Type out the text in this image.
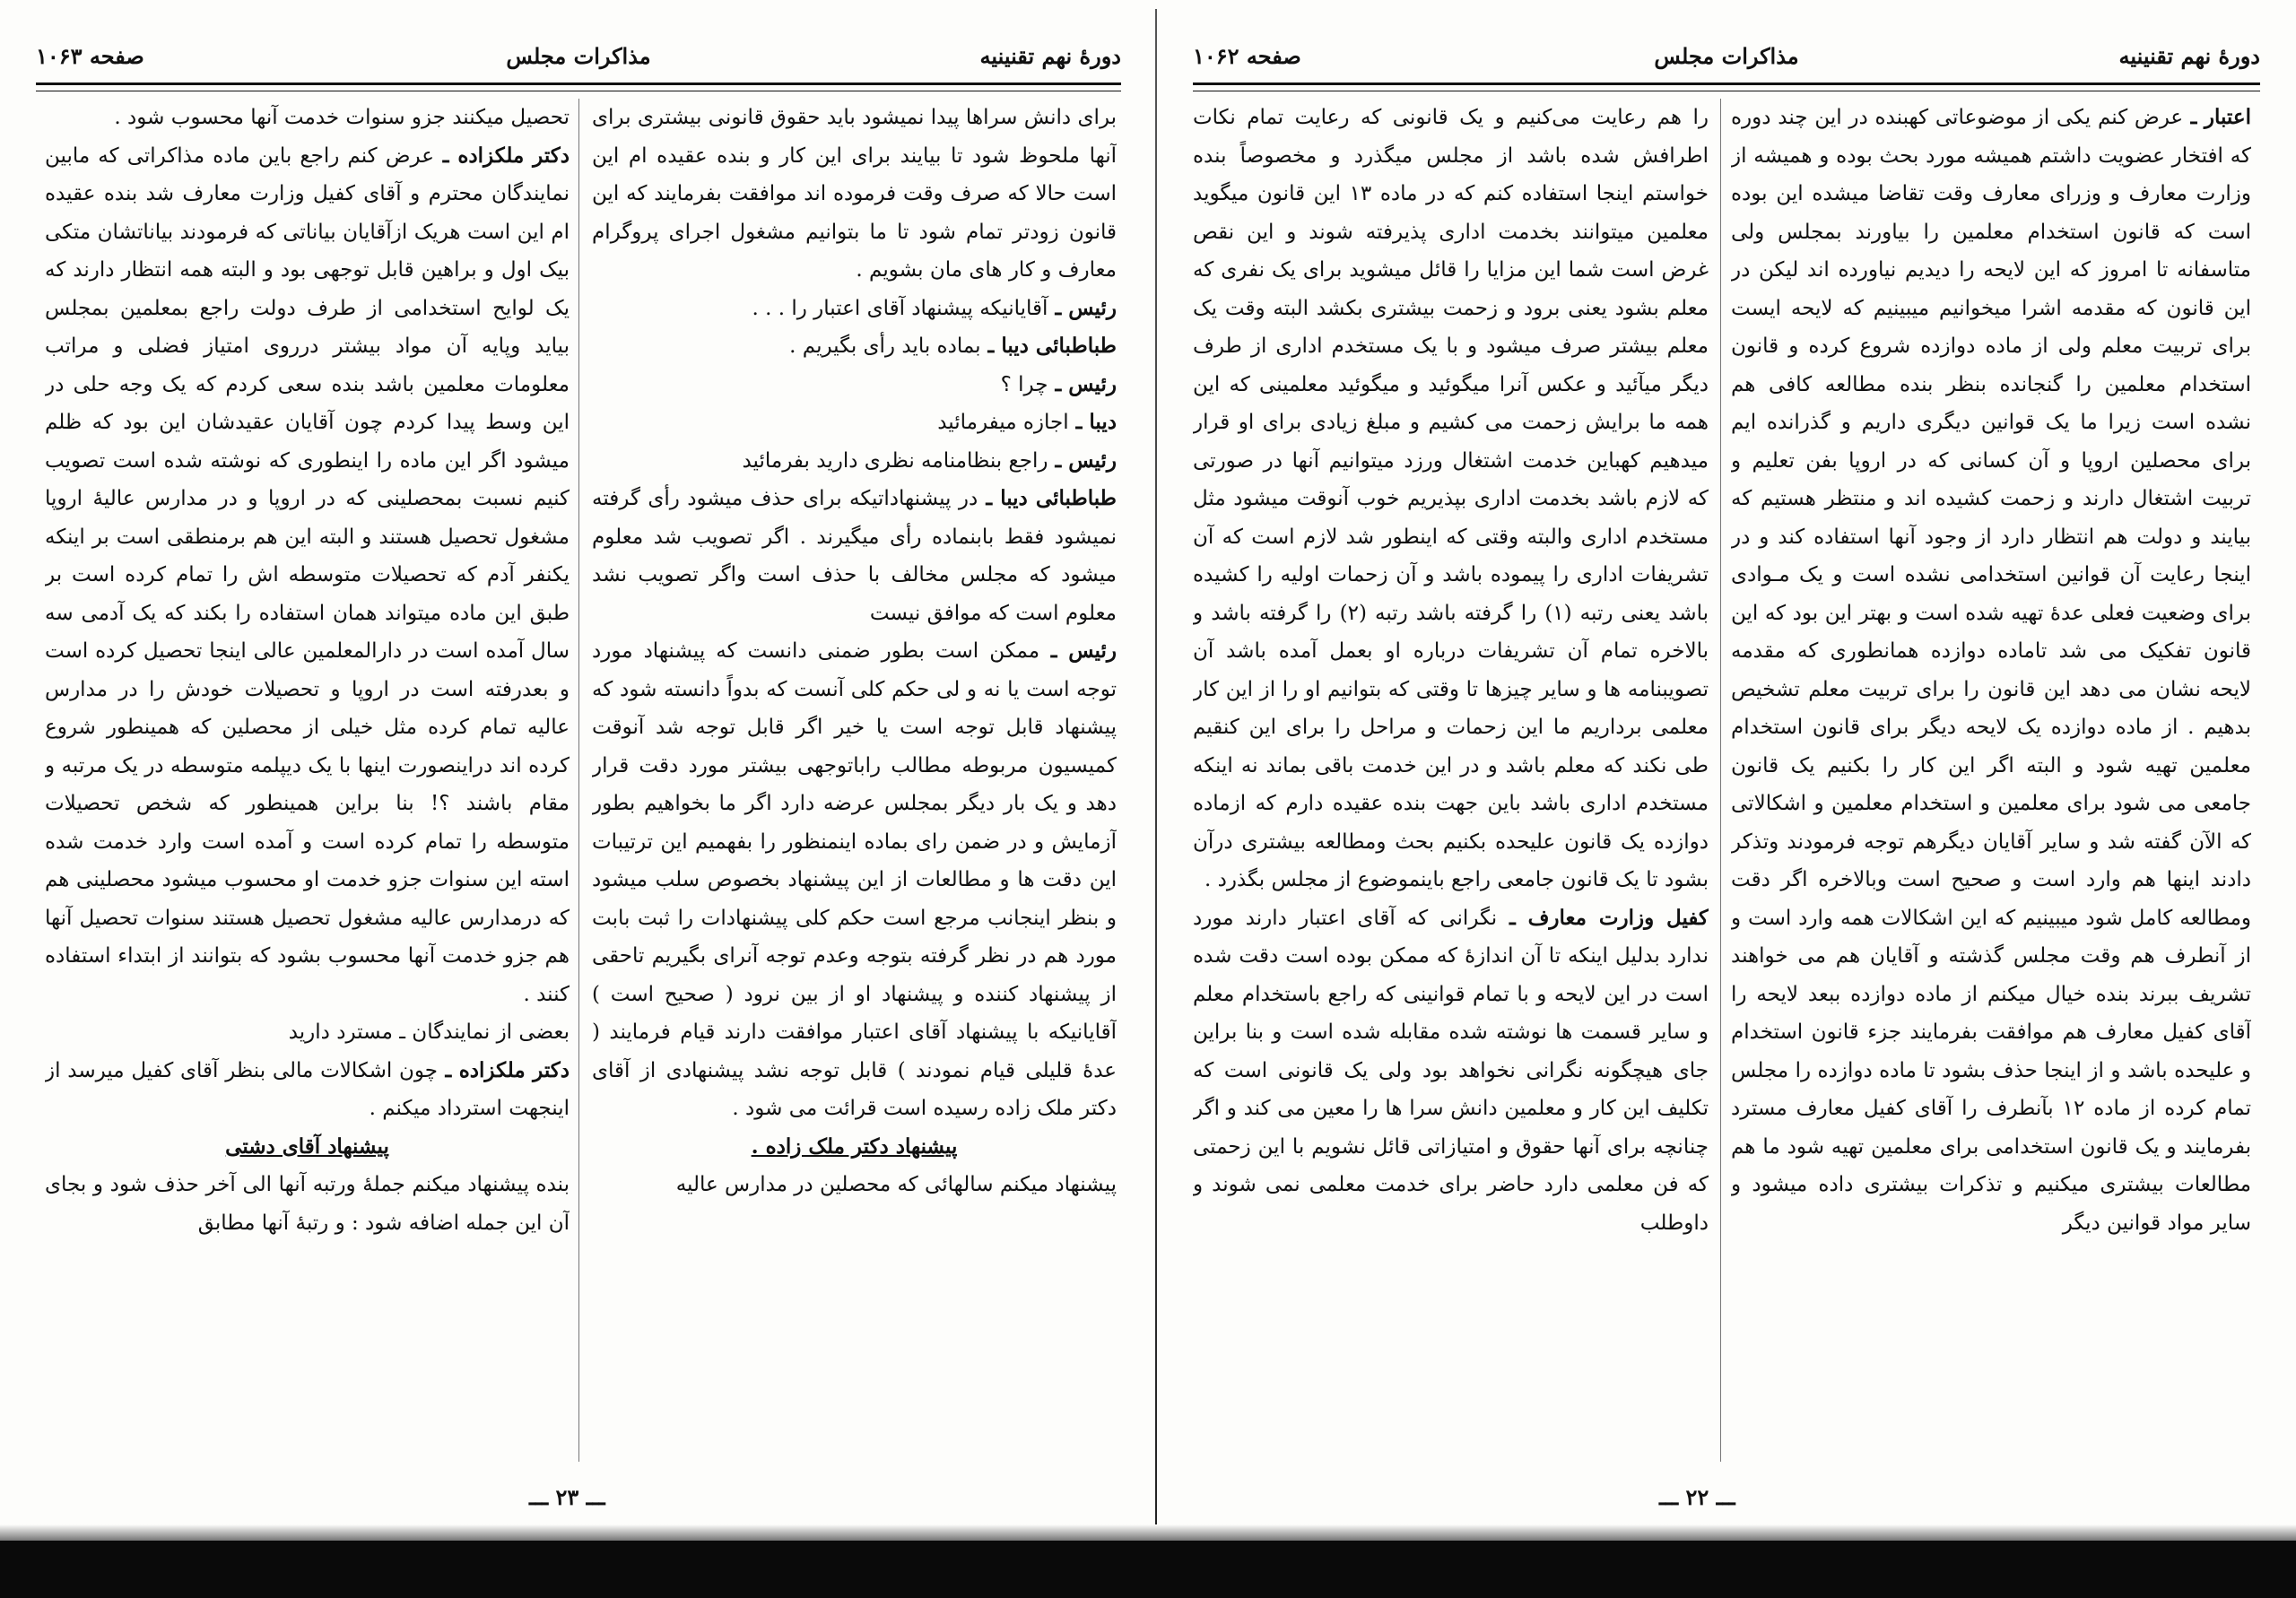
دورهٔ نهم تقنینیه
مذاکرات مجلس
صفحه ۱۰۶۳

برای دانش سراها پیدا نمیشود باید حقوق قانونی بیشتری برای آنها ملحوظ شود تا بیایند برای این کار و بنده عقیده ام این است حالا که صرف وقت فرموده اند موافقت بفرمایند که این قانون زودتر تمام شود تا ما بتوانیم مشغول اجرای پروگرام معارف و کار های مان بشویم .

رئیس ـ آقایانیکه پیشنهاد آقای اعتبار را . . .

طباطبائی دیبا ـ بماده باید رأی بگیریم .

رئیس ـ چرا ؟

دیبا ـ اجازه میفرمائید

رئیس ـ راجع بنظامنامه نظری دارید بفرمائید

طباطبائی دیبا ـ در پیشنهاداتیکه برای حذف میشود رأی گرفته نمیشود فقط بابنماده رأی میگیرند . اگر تصویب شد معلوم میشود که مجلس مخالف با حذف است واگر تصویب نشد معلوم است که موافق نیست

رئیس ـ ممکن است بطور ضمنی دانست که پیشنهاد مورد توجه است یا نه و لی حکم کلی آنست که بدواً دانسته شود که پیشنهاد قابل توجه است یا خیر اگر قابل توجه شد آنوقت کمیسیون مربوطه مطالب راباتوجهی بیشتر مورد دقت قرار دهد و یک بار دیگر بمجلس عرضه دارد اگر ما بخواهیم بطور آزمایش و در ضمن رای بماده اینمنظور را بفهمیم این ترتیبات این دقت ها و مطالعات از این پیشنهاد بخصوص سلب میشود و بنظر اینجانب مرجع است حکم کلی پیشنهادات را ثبت بابت مورد هم در نظر گرفته بتوجه وعدم توجه آنرای بگیریم تاحقی از پیشنهاد کننده و پیشنهاد او از بین نرود ( صحیح است ) آقایانیکه با پیشنهاد آقای اعتبار موافقت دارند قیام فرمایند ( عدهٔ قلیلی قیام نمودند ) قابل توجه نشد پیشنهادی از آقای دکتر ملک زاده رسیده است قرائت می شود .

پیشنهاد دکتر ملک زاده .

پیشنهاد میکنم سالهائی که محصلین در مدارس عالیه

تحصیل میکنند جزو سنوات خدمت آنها محسوب شود .

دکتر ملکزاده ـ عرض کنم راجع باین ماده مذاکراتی که مابین نمایندگان محترم و آقای کفیل وزارت معارف شد بنده عقیده ام این است هریک ازآقایان بیاناتی که فرمودند بیاناتشان متکی بیک اول و براهین قابل توجهی بود و البته همه انتظار دارند که یک لوایح استخدامی از طرف دولت راجع بمعلمین بمجلس بیاید وپایه آن مواد بیشتر درروی امتیاز فضلی و مراتب معلومات معلمین باشد بنده سعی کردم که یک وجه حلی در این وسط پیدا کردم چون آقایان عقیدشان این بود که ظلم میشود اگر این ماده را اینطوری که نوشته شده است تصویب کنیم نسبت بمحصلینی که در اروپا و در مدارس عالیهٔ اروپا مشغول تحصیل هستند و البته این هم برمنطقی است بر اینکه یکنفر آدم که تحصیلات متوسطه اش را تمام کرده است بر طبق این ماده میتواند همان استفاده را بکند که یک آدمی سه سال آمده است در دارالمعلمین عالی اینجا تحصیل کرده است و بعدرفته است در اروپا و تحصیلات خودش را در مدارس عالیه تمام کرده مثل خیلی از محصلین که همینطور شروع کرده اند دراینصورت اینها با یک دیپلمه متوسطه در یک مرتبه و مقام باشند ؟! بنا براین همینطور که شخص تحصیلات متوسطه را تمام کرده است و آمده است وارد خدمت شده استه این سنوات جزو خدمت او محسوب میشود محصلینی هم که درمدارس عالیه مشغول تحصیل هستند سنوات تحصیل آنها هم جزو خدمت آنها محسوب بشود که بتوانند از ابتداء استفاده کنند .

بعضی از نمایندگان ـ مسترد دارید

دکتر ملکزاده ـ چون اشکالات مالی بنظر آقای کفیل میرسد از اینجهت استرداد میکنم .

پیشنهاد آقای دشتی

بنده پیشنهاد میکنم جملهٔ ورتبه آنها الی آخر حذف شود و بجای آن این جمله اضافه شود : و رتبهٔ آنها مطابق

ـــ ۲۳ ـــ
دورهٔ نهم تقنینیه
مذاکرات مجلس
صفحه ۱۰۶۲

اعتبار ـ عرض کنم یکی از موضوعاتی کهبنده در این چند دوره که افتخار عضویت داشتم همیشه مورد بحث بوده و همیشه از وزارت معارف و وزرای معارف وقت تقاضا میشده این بوده است که قانون استخدام معلمین را بیاورند بمجلس ولی متاسفانه تا امروز که این لایحه را دیدیم نیاورده اند لیکن در این قانون که مقدمه اشرا میخوانیم میبینیم که لایحه ایست برای تربیت معلم ولی از ماده دوازده شروع کرده و قانون استخدام معلمین را گنجانده بنظر بنده مطالعه کافی هم نشده است زیرا ما یک قوانین دیگری داریم و گذرانده ایم برای محصلین اروپا و آن کسانی که در اروپا بفن تعلیم و تربیت اشتغال دارند و زحمت کشیده اند و منتظر هستیم که بیایند و دولت هم انتظار دارد از وجود آنها استفاده کند و در اینجا رعایت آن قوانین استخدامی نشده است و یک مـوادی برای وضعیت فعلی عدهٔ تهیه شده است و بهتر این بود که این قانون تفکیک می شد تاماده دوازده همانطوری که مقدمه لایحه نشان می دهد این قانون را برای تربیت معلم تشخیص بدهیم . از ماده دوازده یک لایحه دیگر برای قانون استخدام معلمین تهیه شود و البته اگر این کار را بکنیم یک قانون جامعی می شود برای معلمین و استخدام معلمین و اشکالاتی که الآن گفته شد و سایر آقایان دیگرهم توجه فرمودند وتذکر دادند اینها هم وارد است و صحیح است وبالاخره اگر دقت ومطالعه کامل شود میبینیم که این اشکالات همه وارد است و از آنطرف هم وقت مجلس گذشته و آقایان هم می خواهند تشریف ببرند بنده خیال میکنم از ماده دوازده ببعد لایحه را آقای کفیل معارف هم موافقت بفرمایند جزء قانون استخدام و علیحده باشد و از اینجا حذف بشود تا ماده دوازده را مجلس تمام کرده از ماده ۱۲ بآنطرف را آقای کفیل معارف مسترد بفرمایند و یک قانون استخدامی برای معلمین تهیه شود ما هم مطالعات بیشتری میکنیم و تذکرات بیشتری داده میشود و سایر مواد قوانین دیگر

را هم رعایت می‌کنیم و یک قانونی که رعایت تمام نکات اطرافش شده باشد از مجلس میگذرد و مخصوصاً بنده خواستم اینجا استفاده کنم که در ماده ۱۳ این قانون میگوید معلمین میتوانند بخدمت اداری پذیرفته شوند و این نقص غرض است شما این مزایا را قائل میشوید برای یک نفری که معلم بشود یعنی برود و زحمت بیشتری بکشد البته وقت یک معلم بیشتر صرف میشود و با یک مستخدم اداری از طرف دیگر میآئید و عکس آنرا میگوئید و میگوئید معلمینی که این همه ما برایش زحمت می کشیم و مبلغ زیادی برای او قرار میدهیم کهباین خدمت اشتغال ورزد میتوانیم آنها در صورتی که لازم باشد بخدمت اداری بپذیریم خوب آنوقت میشود مثل مستخدم اداری والبته وقتی که اینطور شد لازم است که آن تشریفات اداری را پیموده باشد و آن زحمات اولیه را کشیده باشد یعنی رتبه (۱) را گرفته باشد رتبه (۲) را گرفته باشد و بالاخره تمام آن تشریفات درباره او بعمل آمده باشد آن تصویبنامه ها و سایر چیزها تا وقتی که بتوانیم او را از این کار معلمی برداریم ما این زحمات و مراحل را برای این کنقیم طی نکند که معلم باشد و در این خدمت باقی بماند نه اینکه مستخدم اداری باشد باین جهت بنده عقیده دارم که ازماده دوازده یک قانون علیحده بکنیم بحث ومطالعه بیشتری درآن بشود تا یک قانون جامعی راجع باینموضوع از مجلس بگذرد .

کفیل وزارت معارف ـ نگرانی که آقای اعتبار دارند مورد ندارد بدلیل اینکه تا آن اندازهٔ که ممکن بوده است دقت شده است در این لایحه و با تمام قوانینی که راجع باستخدام معلم و سایر قسمت ها نوشته شده مقابله شده است و بنا براین جای هیچگونه نگرانی نخواهد بود ولی یک قانونی است که تکلیف این کار و معلمین دانش سرا ها را معین می کند و اگر چنانچه برای آنها حقوق و امتیازاتی قائل نشویم با این زحمتی که فن معلمی دارد حاضر برای خدمت معلمی نمی شوند و داوطلب

ـــ ۲۲ ـــ
